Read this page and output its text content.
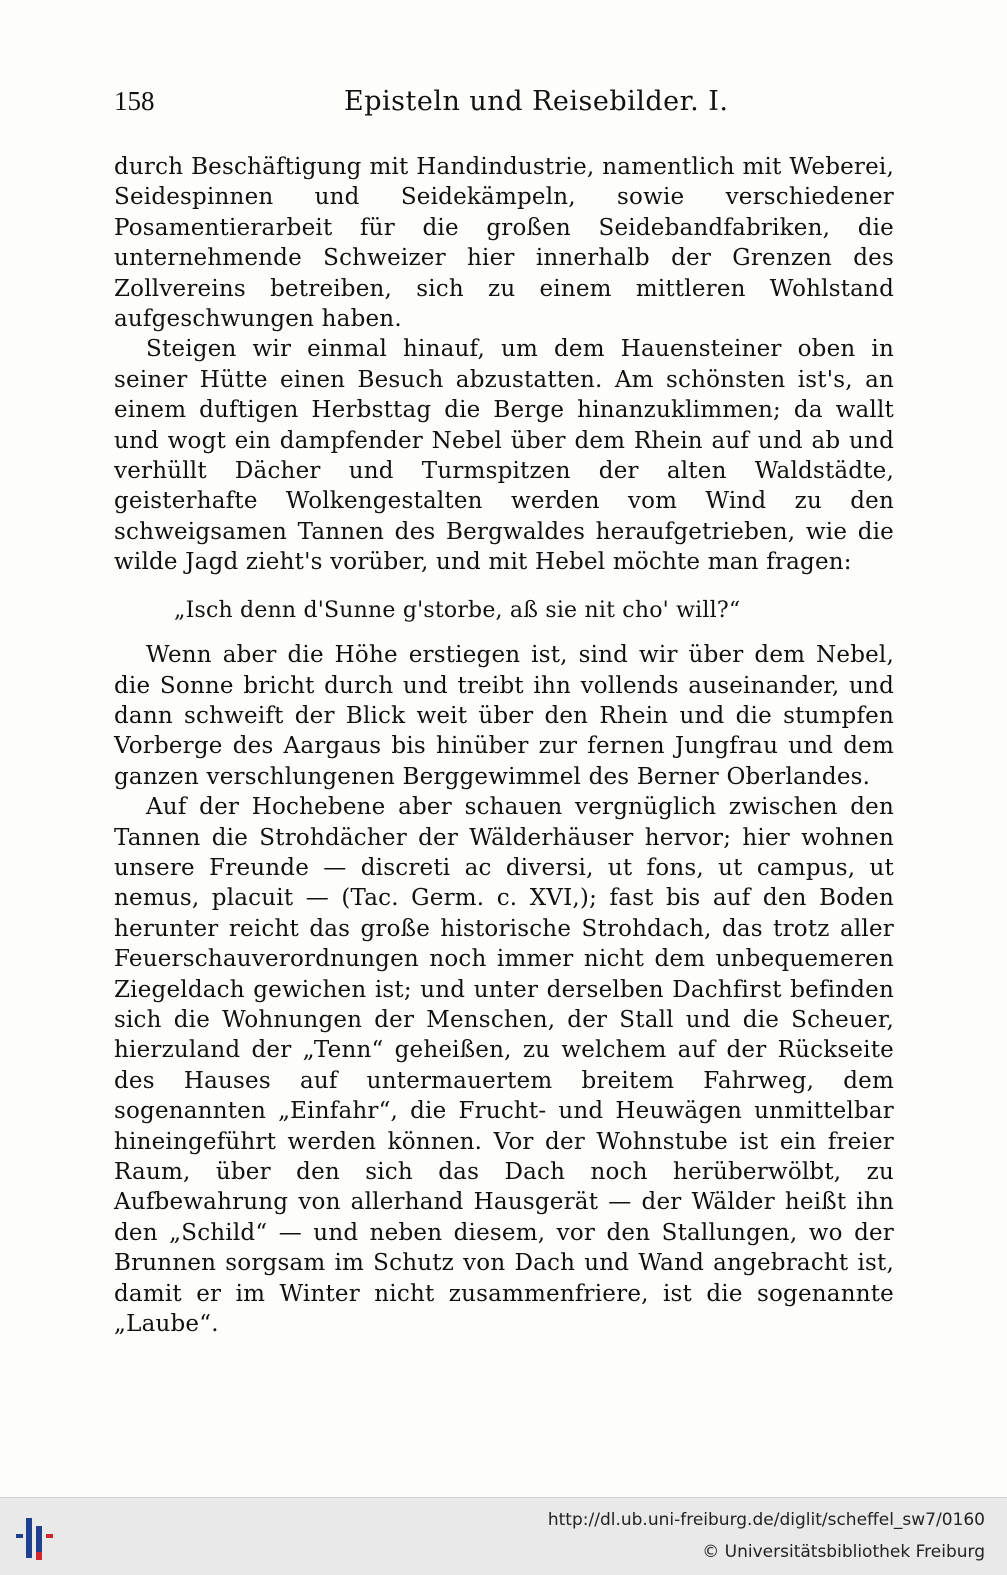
158	Episteln und Reisebilder. I.

durch Beschäftigung mit Handindustrie, namentlich mit Weberei, Seidespinnen und Seidekämpeln, sowie verschiedener Posamentierarbeit für die großen Seidebandfabriken, die unternehmende Schweizer hier innerhalb der Grenzen des Zollvereins betreiben, sich zu einem mittleren Wohlstand aufgeschwungen haben.

Steigen wir einmal hinauf, um dem Hauensteiner oben in seiner Hütte einen Besuch abzustatten. Am schönsten ist's, an einem duftigen Herbsttag die Berge hinanzuklimmen; da wallt und wogt ein dampfender Nebel über dem Rhein auf und ab und verhüllt Dächer und Turmspitzen der alten Waldstädte, geisterhafte Wolkengestalten werden vom Wind zu den schweigsamen Tannen des Bergwaldes heraufgetrieben, wie die wilde Jagd zieht's vorüber, und mit Hebel möchte man fragen:

„Isch denn d'Sunne g'storbe, aß sie nit cho' will?“

Wenn aber die Höhe erstiegen ist, sind wir über dem Nebel, die Sonne bricht durch und treibt ihn vollends auseinander, und dann schweift der Blick weit über den Rhein und die stumpfen Vorberge des Aargaus bis hinüber zur fernen Jungfrau und dem ganzen verschlungenen Berggewimmel des Berner Oberlandes.

Auf der Hochebene aber schauen vergnüglich zwischen den Tannen die Strohdächer der Wälderhäuser hervor; hier wohnen unsere Freunde — discreti ac diversi, ut fons, ut campus, ut nemus, placuit — (Tac. Germ. c. XVI,); fast bis auf den Boden herunter reicht das große historische Strohdach, das trotz aller Feuerschauverordnungen noch immer nicht dem unbequemeren Ziegeldach gewichen ist; und unter derselben Dachfirst befinden sich die Wohnungen der Menschen, der Stall und die Scheuer, hierzuland der „Tenn“ geheißen, zu welchem auf der Rückseite des Hauses auf untermauertem breitem Fahrweg, dem sogenannten „Einfahr“, die Frucht- und Heuwägen unmittelbar hineingeführt werden können. Vor der Wohnstube ist ein freier Raum, über den sich das Dach noch herüberwölbt, zu Aufbewahrung von allerhand Hausgerät — der Wälder heißt ihn den „Schild“ — und neben diesem, vor den Stallungen, wo der Brunnen sorgsam im Schutz von Dach und Wand angebracht ist, damit er im Winter nicht zusammenfriere, ist die sogenannte „Laube“.

http://dl.ub.uni-freiburg.de/diglit/scheffel_sw7/0160
© Universitätsbibliothek Freiburg
